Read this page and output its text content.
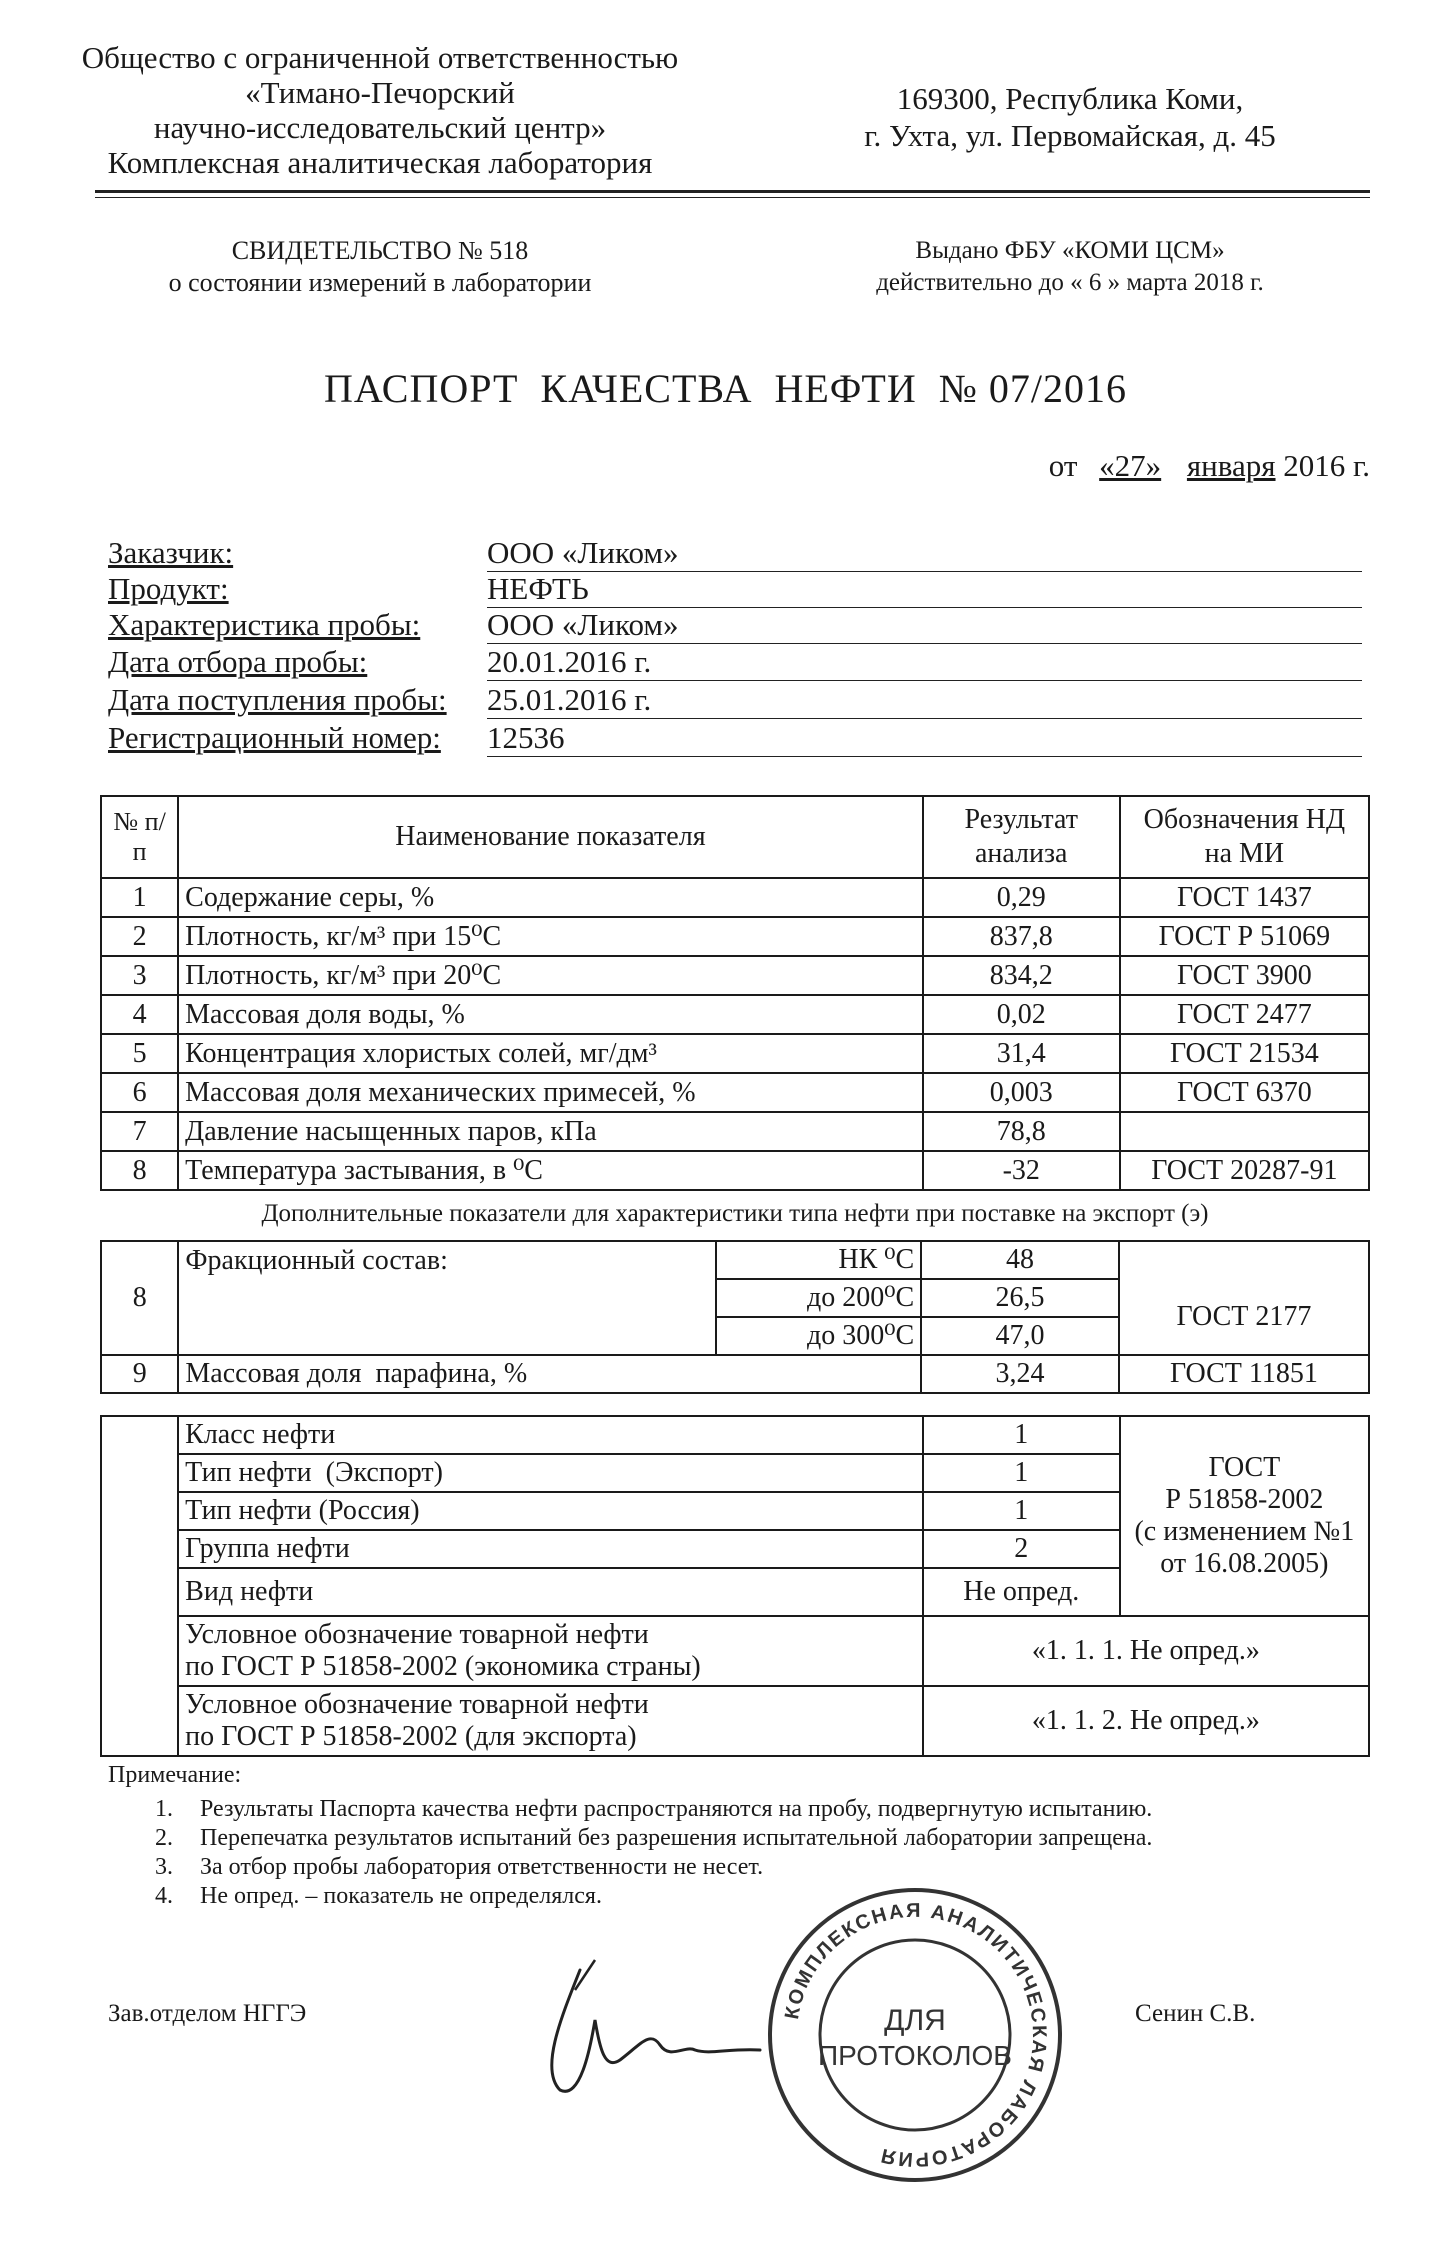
Общество с ограниченной ответственностью
«Тимано-Печорский
научно-исследовательский центр»
Комплексная аналитическая лаборатория
169300, Республика Коми,
г. Ухта, ул. Первомайская, д. 45
СВИДЕТЕЛЬСТВО № 518
о состоянии измерений в лаборатории
Выдано ФБУ «КОМИ ЦСМ»
действительно до « 6 » марта 2018 г.
ПАСПОРТ  КАЧЕСТВА  НЕФТИ  № 07/2016
от «27» января 2016 г.
Заказчик:	ООО «Ликом»
Продукт:	НЕФТЬ
Характеристика пробы: ООО «Ликом»
Дата отбора пробы:	20.01.2016 г.
Дата поступления пробы: 25.01.2016 г.
Регистрационный номер: 12536
№ п/п	Наименование показателя	Результат анализа	Обозначения НД на МИ
1	Содержание серы, %	0,29	ГОСТ 1437
2	Плотность, кг/м³ при 15⁰С	837,8	ГОСТ Р 51069
3	Плотность, кг/м³ при 20⁰С	834,2	ГОСТ 3900
4	Массовая доля воды, %	0,02	ГОСТ 2477
5	Концентрация хлористых солей, мг/дм³	31,4	ГОСТ 21534
6	Массовая доля механических примесей, %	0,003	ГОСТ 6370
7	Давление насыщенных паров, кПа	78,8	
8	Температура застывания, в ⁰С	-32	ГОСТ 20287-91
Дополнительные показатели для характеристики типа нефти при поставке на экспорт (э)
8	Фракционный состав:	НК ⁰С	48	
		до 200⁰С	26,5	ГОСТ 2177
		до 300⁰С	47,0	
9	Массовая доля  парафина, %		3,24	ГОСТ 11851
	Класс нефти	1	ГОСТ
Р 51858-2002
(с изменением №1
от 16.08.2005)

	Тип нефти  (Экспорт)	1	
	Тип нефти (Россия)	1	
	Группа нефти	2	
	Вид нефти	Не опред.	

	Условное обозначение товарной нефти
по ГОСТ Р 51858-2002 (экономика страны)	«1. 1. 1. Не опред.»	

	Условное обозначение товарной нефти
по ГОСТ Р 51858-2002 (для экспорта)	«1. 1. 2. Не опред.»	
Примечание:
1. Результаты Паспорта качества нефти распространяются на пробу, подвергнутую испытанию.
2. Перепечатка результатов испытаний без разрешения испытательной лаборатории запрещена.
3. За отбор пробы лаборатория ответственности не несет.
4. Не опред. – показатель не определялся.
Зав.отделом НГГЭ	Сенин С.В.
КОМПЛЕКСНАЯ АНАЛИТИЧЕСКАЯ ЛАБОРАТОРИЯ
ДЛЯ
ПРОТОКОЛОВ
